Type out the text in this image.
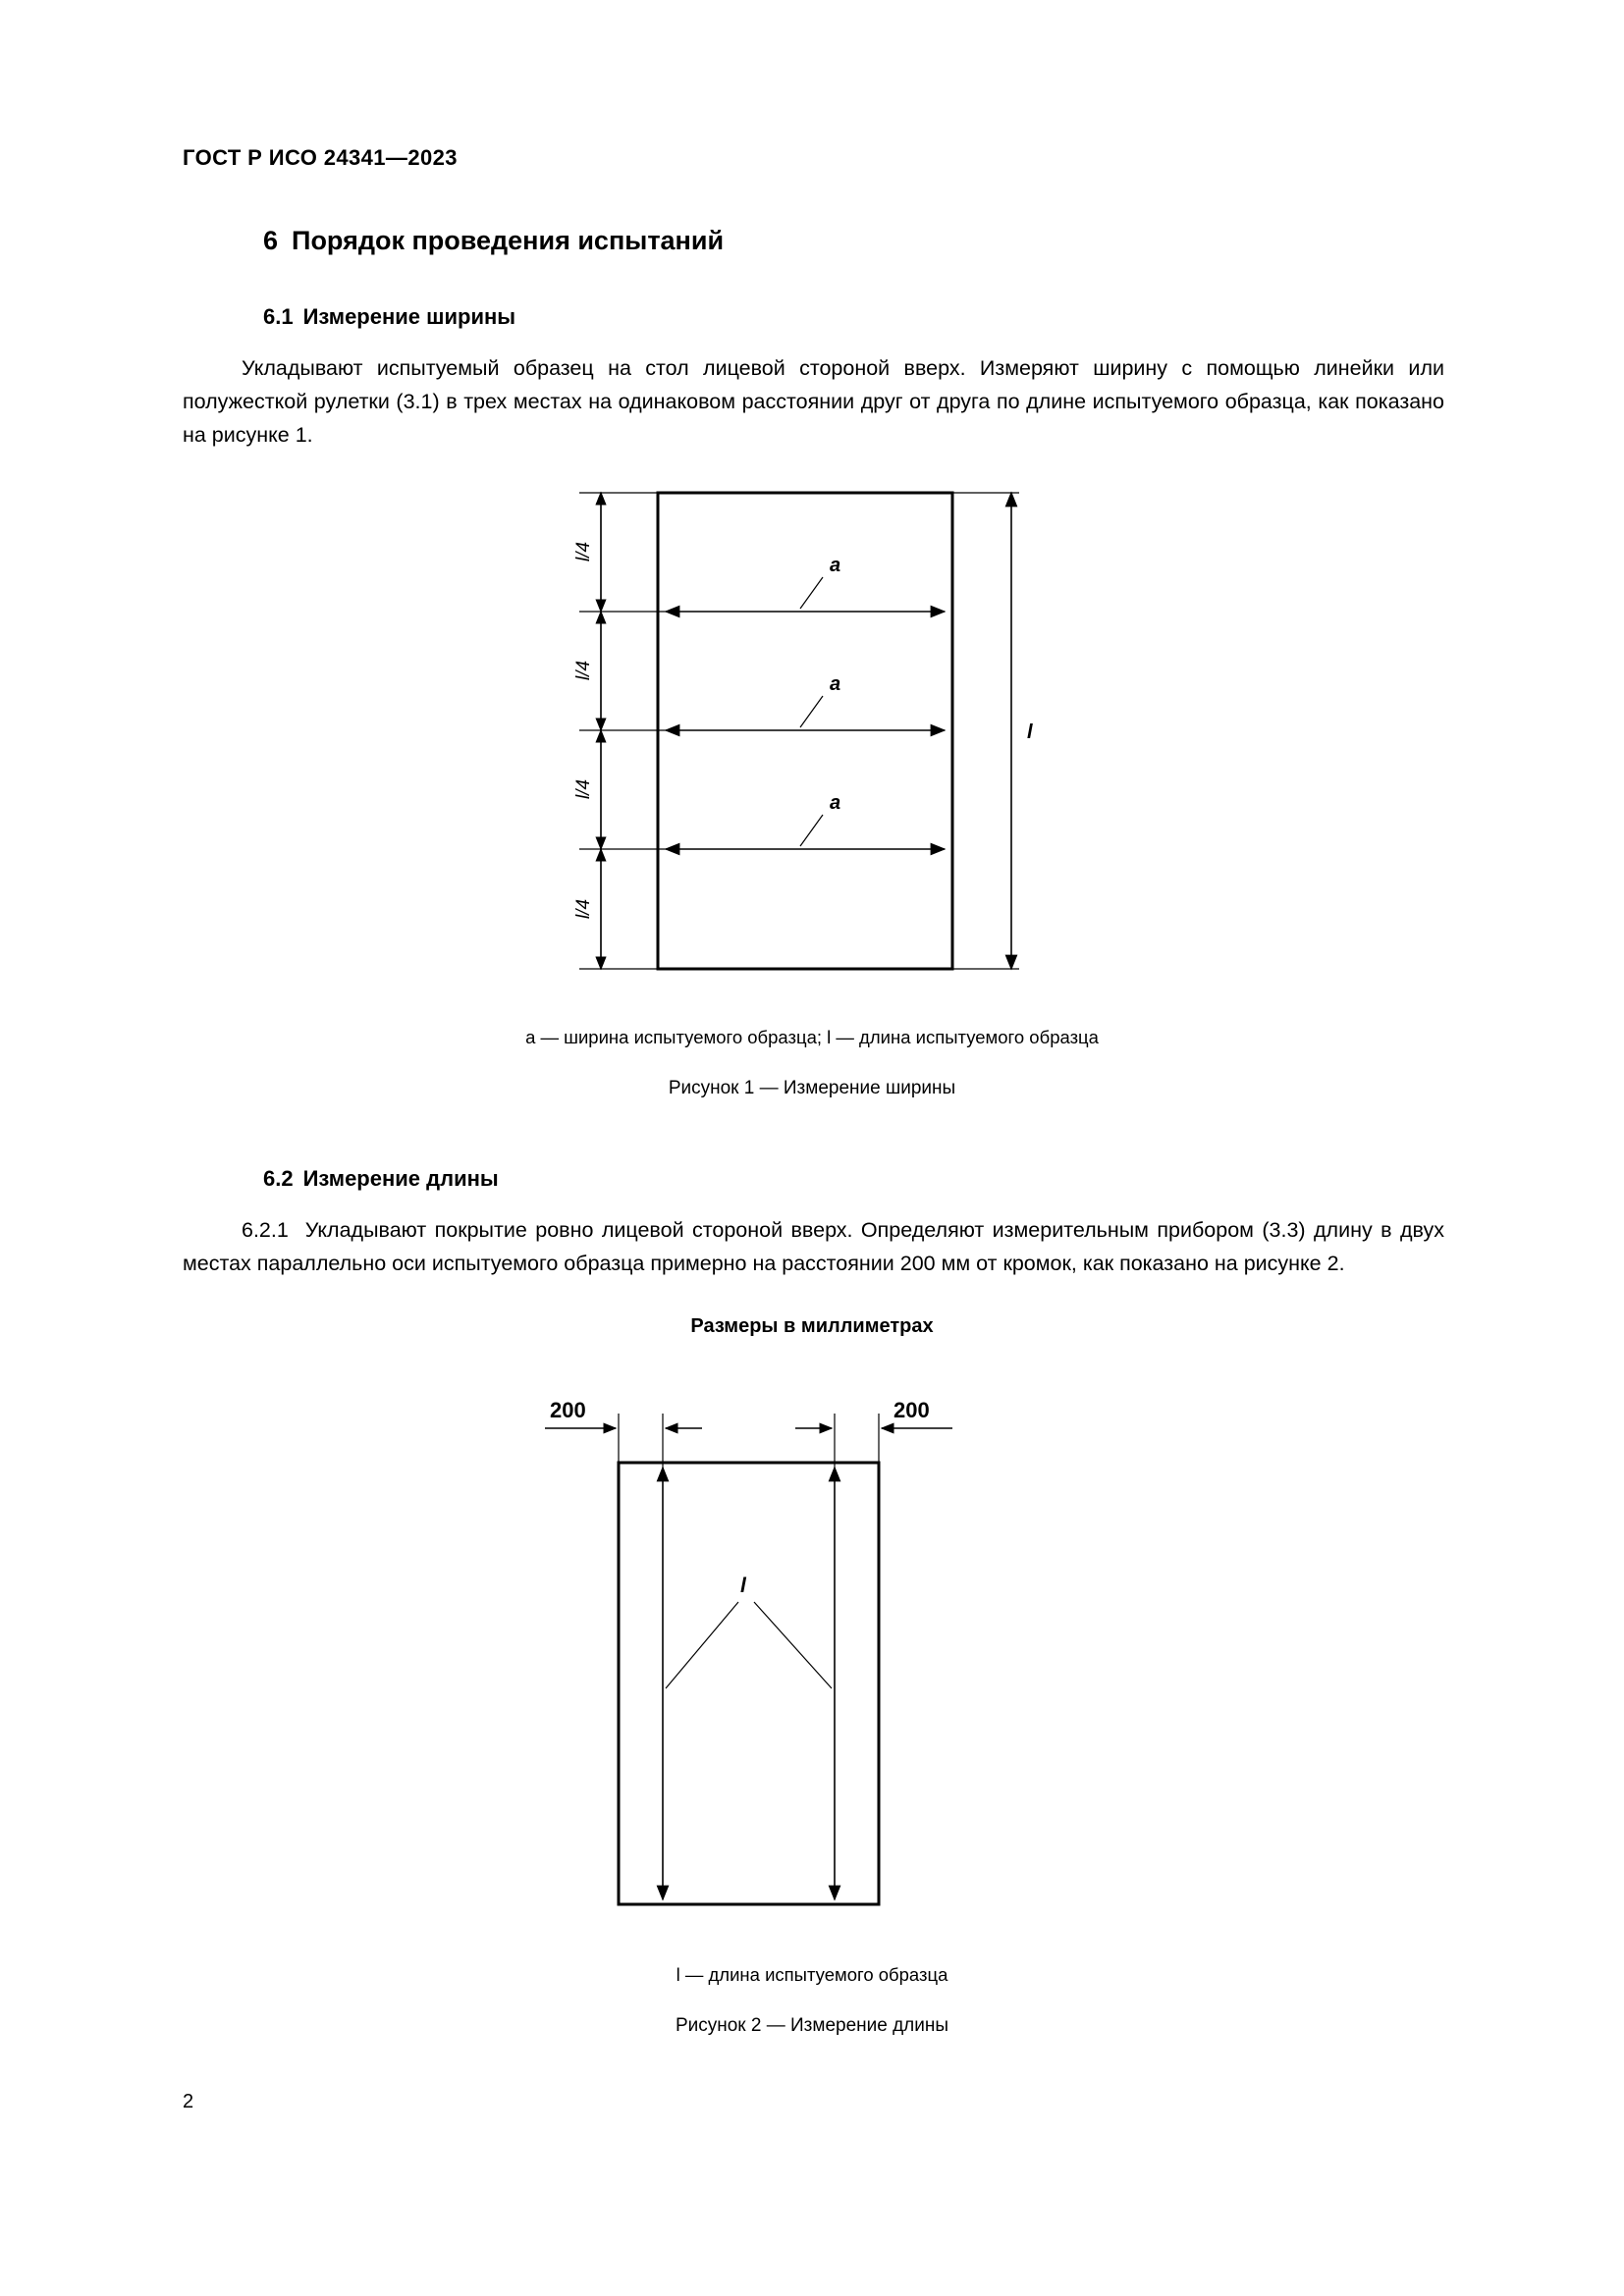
ГОСТ Р ИСО 24341—2023
6 Порядок проведения испытаний
6.1 Измерение ширины
Укладывают испытуемый образец на стол лицевой стороной вверх. Измеряют ширину с помощью линейки или полужесткой рулетки (3.1) в трех местах на одинаковом расстоянии друг от друга по длине испытуемого образца, как показано на рисунке 1.
l/4
l/4
l/4
l/4
a
a
a
l
a — ширина испытуемого образца; l — длина испытуемого образца
Рисунок 1 — Измерение ширины
6.2 Измерение длины
6.2.1 Укладывают покрытие ровно лицевой стороной вверх. Определяют измерительным прибором (3.3) длину в двух местах параллельно оси испытуемого образца примерно на расстоянии 200 мм от кромок, как показано на рисунке 2.
Размеры в миллиметрах
200	200
l
l — длина испытуемого образца
Рисунок 2 — Измерение длины
2
